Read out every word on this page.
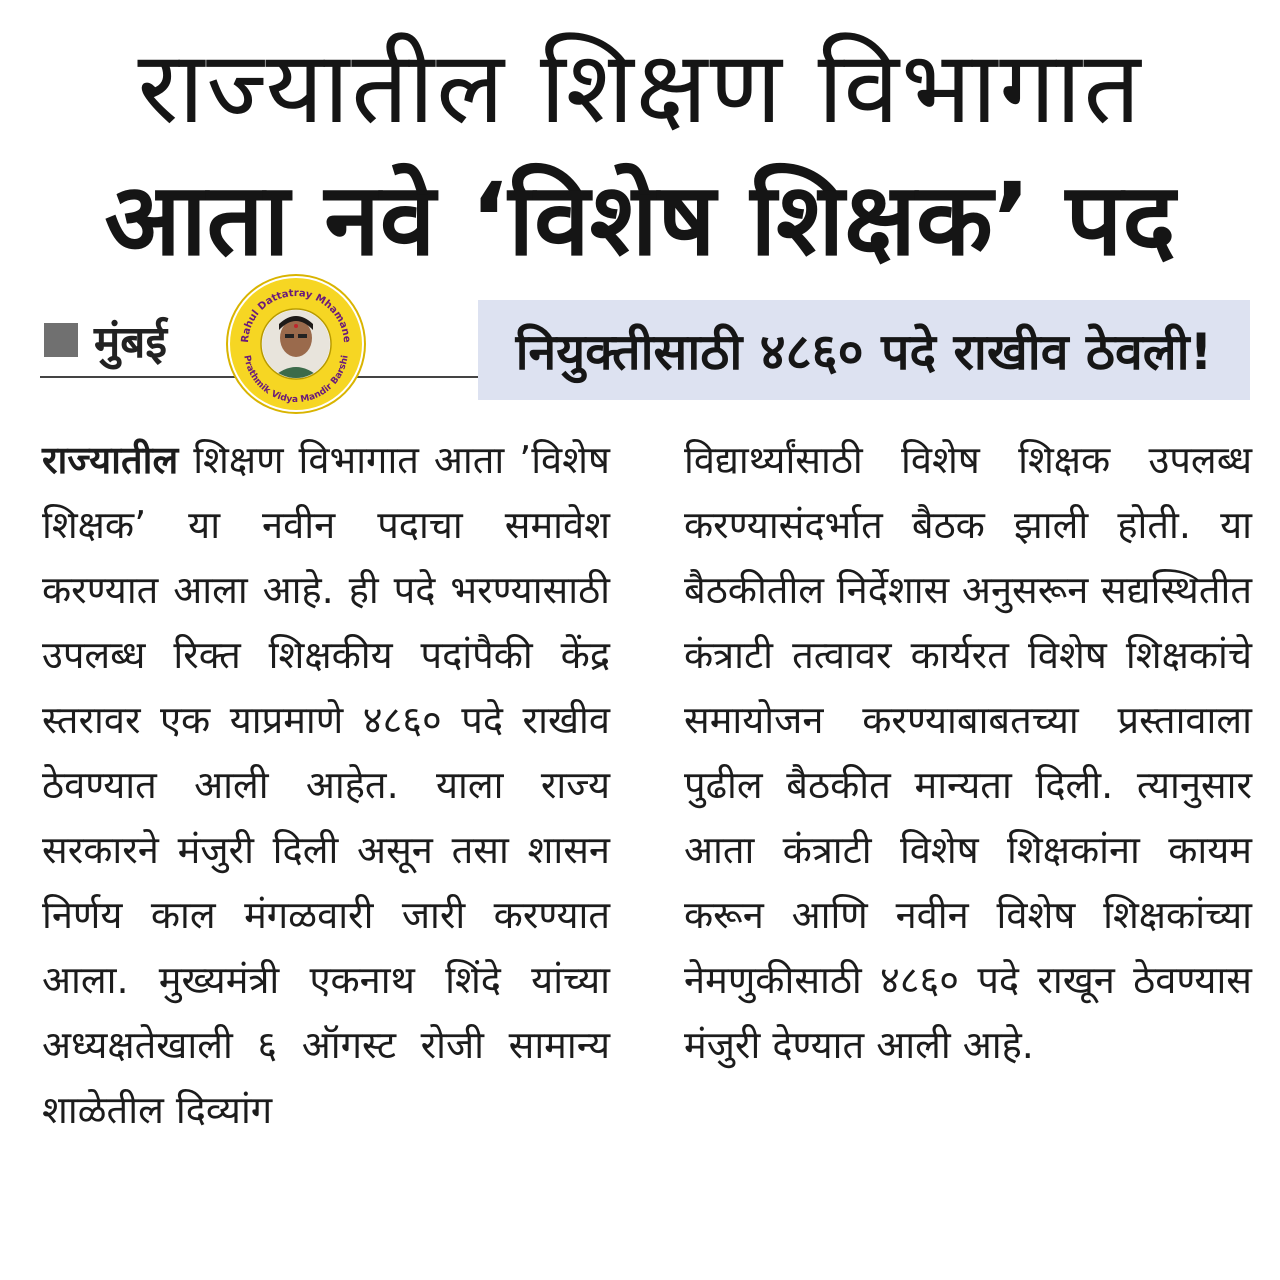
राज्यातील शिक्षण विभागात
आता नवे ‘विशेष शिक्षक’ पद
मुंबई	Rahul Dattatray Mhamane
Prathmik Vidya Mandir Barshi	नियुक्तीसाठी ४८६० पदे राखीव ठेवली!
राज्यातील शिक्षण विभागात आता ’विशेष शिक्षक’ या नवीन पदाचा समावेश करण्यात आला आहे. ही पदे भरण्यासाठी उपलब्ध रिक्त शिक्षकीय पदांपैकी केंद्र स्तरावर एक याप्रमाणे ४८६० पदे राखीव ठेवण्यात आली आहेत. याला राज्य सरकारने मंजुरी दिली असून तसा शासन निर्णय काल मंगळवारी जारी करण्यात आला. मुख्यमंत्री एकनाथ शिंदे यांच्या अध्यक्षतेखाली ६ ऑगस्ट रोजी सामान्य शाळेतील दिव्यांग
विद्यार्थ्यांसाठी विशेष शिक्षक उपलब्ध करण्यासंदर्भात बैठक झाली होती. या बैठकीतील निर्देशास अनुसरून सद्यस्थितीत कंत्राटी तत्वावर कार्यरत विशेष शिक्षकांचे समायोजन करण्याबाबतच्या प्रस्तावाला पुढील बैठकीत मान्यता दिली. त्यानुसार आता कंत्राटी विशेष शिक्षकांना कायम करून आणि नवीन विशेष शिक्षकांच्या नेमणुकीसाठी ४८६० पदे राखून ठेवण्यास मंजुरी देण्यात आली आहे.
